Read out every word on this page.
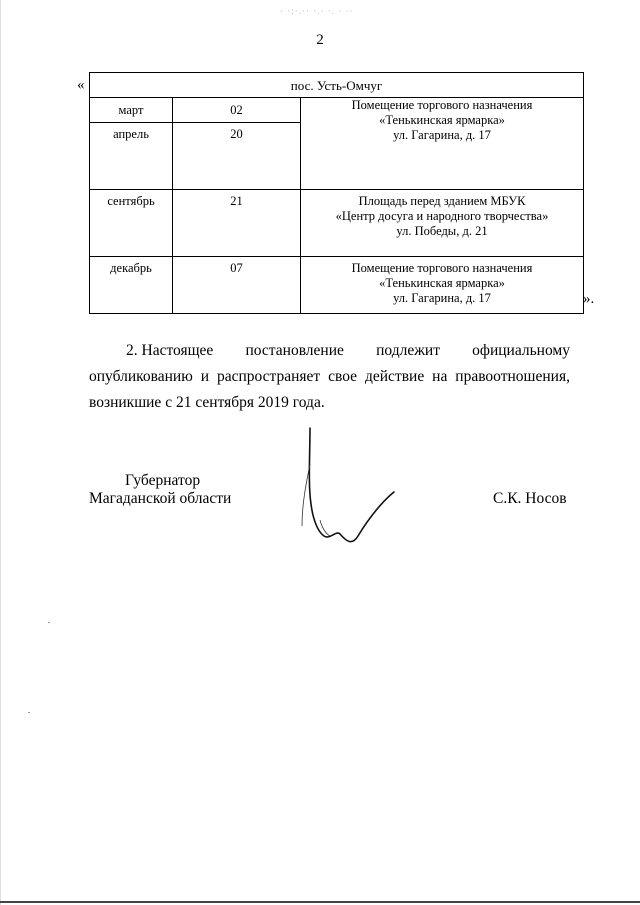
· ·:·.·· ·.· ·. · ··
2
«	пос. Усть-Омчуг		
март	02	Помещение торгового назначения
«Тенькинская ярмарка»
ул. Гагарина, д. 17

апрель	20	

сентябрь	21	Площадь перед зданием МБУК
«Центр досуга и народного творчества»
ул. Победы, д. 21

декабрь	07	Помещение торгового назначения
«Тенькинская ярмарка»
ул. Гагарина, д. 17	».
2. Настоящее постановление подлежит официальному
опубликованию и распространяет свое действие на правоотношения,
возникшие с 21 сентября 2019 года.
Губернатор
Магаданской области	С.К. Носов
